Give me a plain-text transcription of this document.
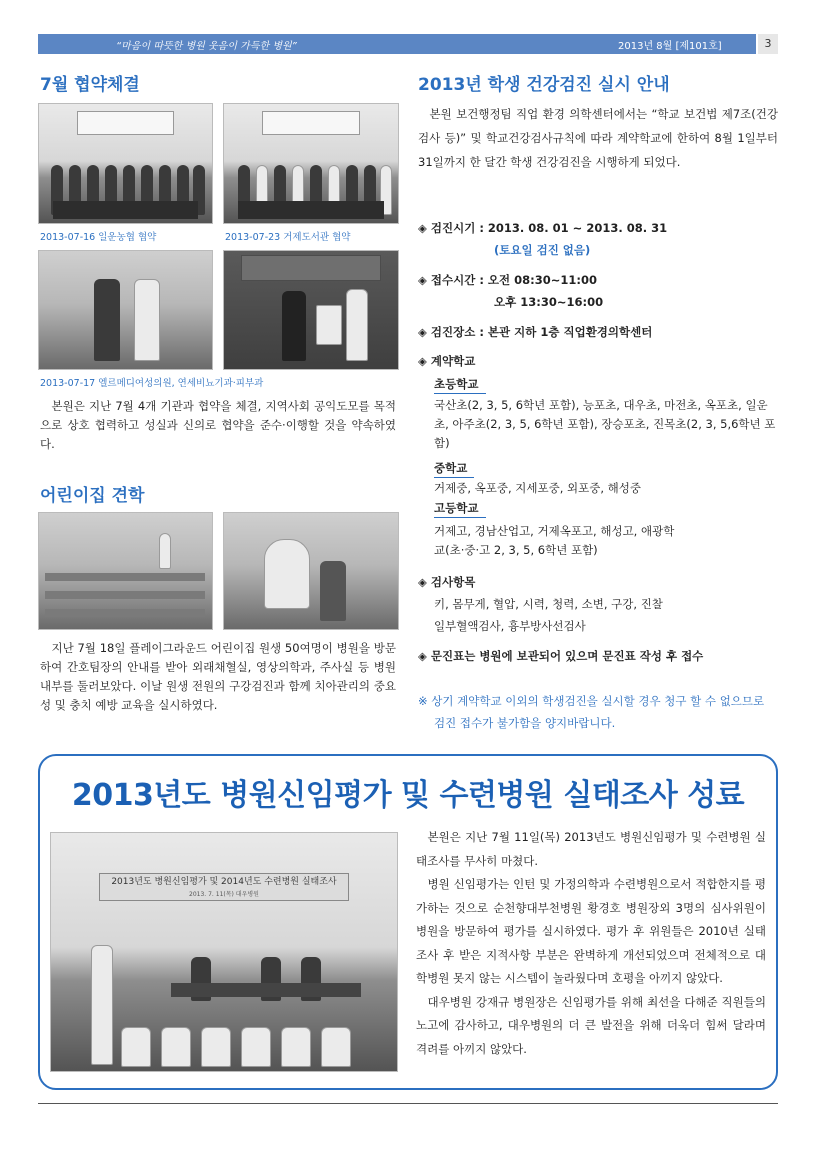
“마음이 따뜻한 병원 웃음이 가득한 병원”	2013년 8월 [제101호]	3
7월 협약체결
2013-07-16 일운농협 협약	2013-07-23 거제도서관 협약
2013-07-17 엘르메디여성의원, 연세비뇨기과·피부과

본원은 지난 7월 4개 기관과 협약을 체결, 지역사회 공익도모를 목적으로 상호 협력하고 성실과 신의로 협약을 준수·이행할 것을 약속하였다.

어린이집 견학

지난 7월 18일 플레이그라운드 어린이집 원생 50여명이 병원을 방문하여 간호팀장의 안내를 받아 외래채혈실, 영상의학과, 주사실 등 병원 내부를 둘러보았다. 이날 원생 전원의 구강검진과 함께 치아관리의 중요성 및 충치 예방 교육을 실시하였다.

2013년 학생 건강검진 실시 안내

본원 보건행정팀 직업 환경 의학센터에서는 “학교 보건법 제7조(건강검사 등)” 및 학교건강검사규칙에 따라 계약학교에 한하여 8월 1일부터 31일까지 한 달간 학생 건강검진을 시행하게 되었다.

◈ 검진시기 : 2013. 08. 01 ~ 2013. 08. 31
(토요일 검진 없음)
◈ 접수시간 : 오전 08:30~11:00
오후 13:30~16:00
◈ 검진장소 : 본관 지하 1층 직업환경의학센터
◈ 계약학교
초등학교
국산초(2, 3, 5, 6학년 포함), 능포초, 대우초, 마전초, 옥포초, 일운초, 아주초(2, 3, 5, 6학년 포함), 장승포초, 진목초(2, 3, 5,6학년 포함)
중학교
거제중, 옥포중, 지세포중, 외포중, 해성중
고등학교
거제고, 경남산업고, 거제옥포고, 해성고, 애광학교(초·중·고 2, 3, 5, 6학년 포함)
◈ 검사항목
키, 몸무게, 혈압, 시력, 청력, 소변, 구강, 진찰
일부혈액검사, 흉부방사선검사
◈ 문진표는 병원에 보관되어 있으며 문진표 작성 후 접수
※ 상기 계약학교 이외의 학생검진을 실시할 경우 청구 할 수 없으므로 검진 접수가 불가함을 양지바랍니다.
2013년도 병원신임평가 및 수련병원 실태조사 성료
2013년도 병원신임평가 및 2014년도 수련병원 실태조사
2013. 7. 11(목) 대우병원

본원은 지난 7월 11일(목) 2013년도 병원신임평가 및 수련병원 실태조사를 무사히 마쳤다.

병원 신임평가는 인턴 및 가정의학과 수련병원으로서 적합한지를 평가하는 것으로 순천향대부천병원 황경호 병원장외 3명의 심사위원이 병원을 방문하여 평가를 실시하였다. 평가 후 위원들은 2010년 실태 조사 후 받은 지적사항 부분은 완벽하게 개선되었으며 전체적으로 대학병원 못지 않는 시스템이 놀라웠다며 호평을 아끼지 않았다.

대우병원 강재규 병원장은 신임평가를 위해 최선을 다해준 직원들의 노고에 감사하고, 대우병원의 더 큰 발전을 위해 더욱더 힘써 달라며 격려를 아끼지 않았다.
